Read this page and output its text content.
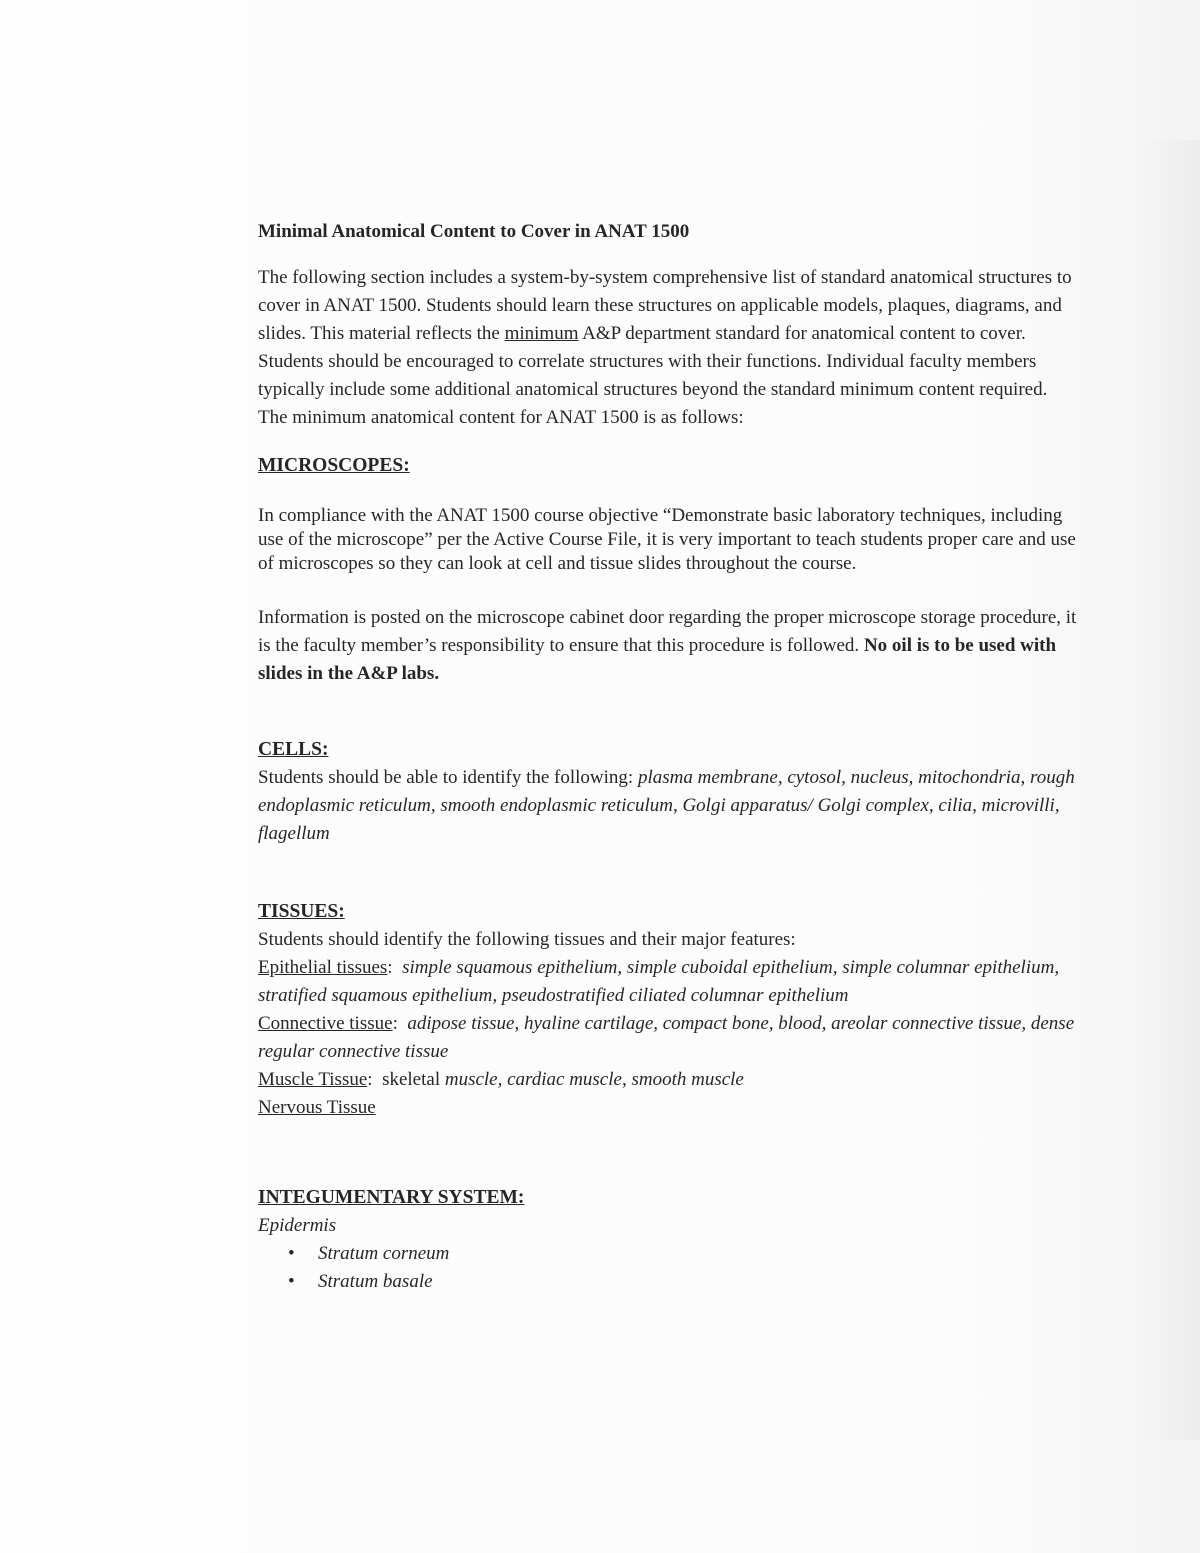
Minimal Anatomical Content to Cover in ANAT 1500

The following section includes a system-by-system comprehensive list of standard anatomical structures to cover in ANAT 1500. Students should learn these structures on applicable models, plaques, diagrams, and slides. This material reflects the minimum A&P department standard for anatomical content to cover. Students should be encouraged to correlate structures with their functions. Individual faculty members typically include some additional anatomical structures beyond the standard minimum content required. The minimum anatomical content for ANAT 1500 is as follows:

MICROSCOPES:

In compliance with the ANAT 1500 course objective “Demonstrate basic laboratory techniques, including use of the microscope” per the Active Course File, it is very important to teach students proper care and use of microscopes so they can look at cell and tissue slides throughout the course.

Information is posted on the microscope cabinet door regarding the proper microscope storage procedure, it is the faculty member’s responsibility to ensure that this procedure is followed. No oil is to be used with slides in the A&P labs.

CELLS:

Students should be able to identify the following: plasma membrane, cytosol, nucleus, mitochondria, rough endoplasmic reticulum, smooth endoplasmic reticulum, Golgi apparatus/ Golgi complex, cilia, microvilli, flagellum

TISSUES:

Students should identify the following tissues and their major features:

Epithelial tissues: simple squamous epithelium, simple cuboidal epithelium, simple columnar epithelium, stratified squamous epithelium, pseudostratified ciliated columnar epithelium

Connective tissue: adipose tissue, hyaline cartilage, compact bone, blood, areolar connective tissue, dense regular connective tissue

Muscle Tissue: skeletal muscle, cardiac muscle, smooth muscle

Nervous Tissue

INTEGUMENTARY SYSTEM:

Epidermis

• Stratum corneum
• Stratum basale
